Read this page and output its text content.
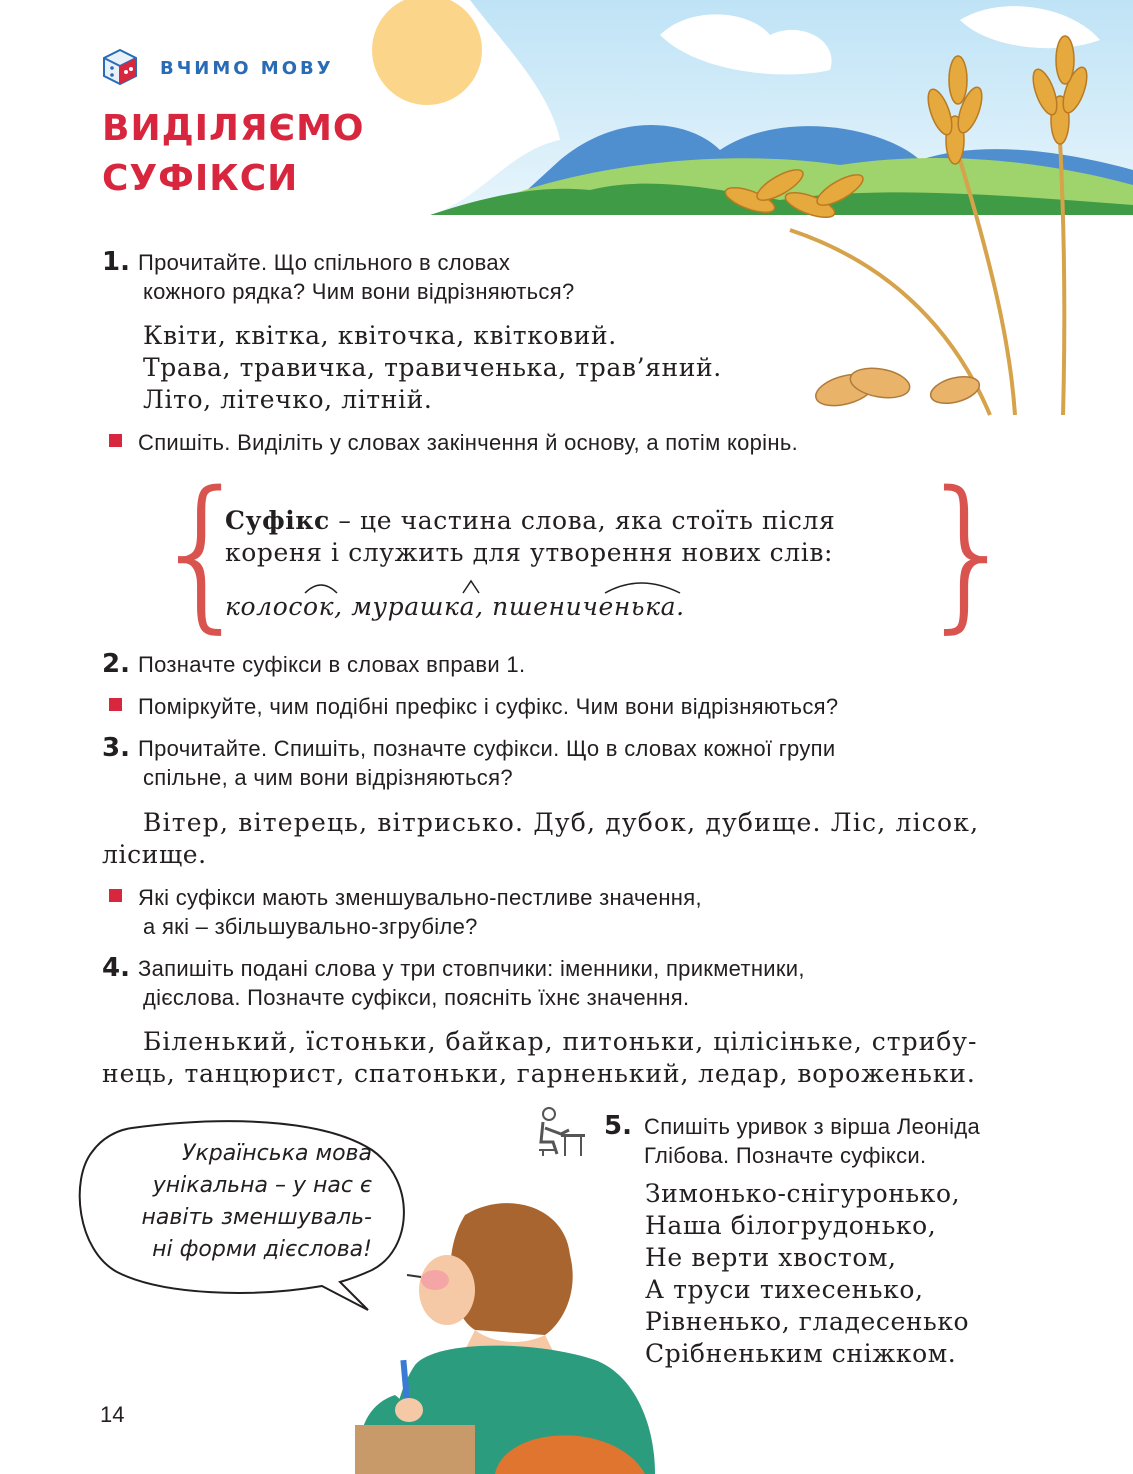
ВЧИМО МОВУ
ВИДІЛЯЄМО
СУФІКСИ
1. Прочитайте. Що спільного в словах
кожного рядка? Чим вони відрізняються?
Квіти, квітка, квіточка, квітковий.
Трава, травичка, травиченька, трав’яний.
Літо, літечко, літній.
Спишіть. Виділіть у словах закінчення й основу, а потім корінь.
{	}
Суфікс – це частина слова, яка стоїть після
кореня і служить для утворення нових слів:
колосок, мурашка, пшениченька.
2. Позначте суфікси в словах вправи 1.
Поміркуйте, чим подібні префікс і суфікс. Чим вони відрізняються?
3. Прочитайте. Спишіть, позначте суфікси. Що в словах кожної групи
спільне, а чим вони відрізняються?
Вітер, вітерець, вітрисько. Дуб, дубок, дубище. Ліс, лісок,
лісище.
Які суфікси мають зменшувально-пестливе значення,
а які – збільшувально-згрубіле?
4. Запишіть подані слова у три стовпчики: іменники, прикметники,
дієслова. Позначте суфікси, поясніть їхнє значення.
Біленький, їстоньки, байкар, питоньки, цілісіньке, стрибу-
нець, танцюрист, спатоньки, гарненький, ледар, вороженьки.
5. Спишіть уривок з вірша Леоніда
Глібова. Позначте суфікси.
Зимонько-снігуронько,
Наша білогрудонько,
Не верти хвостом,
А труси тихесенько,
Рівненько, гладесенько
Срібненьким сніжком.
Українська мова
унікальна – у нас є
навіть зменшуваль-
ні форми дієслова!
14
